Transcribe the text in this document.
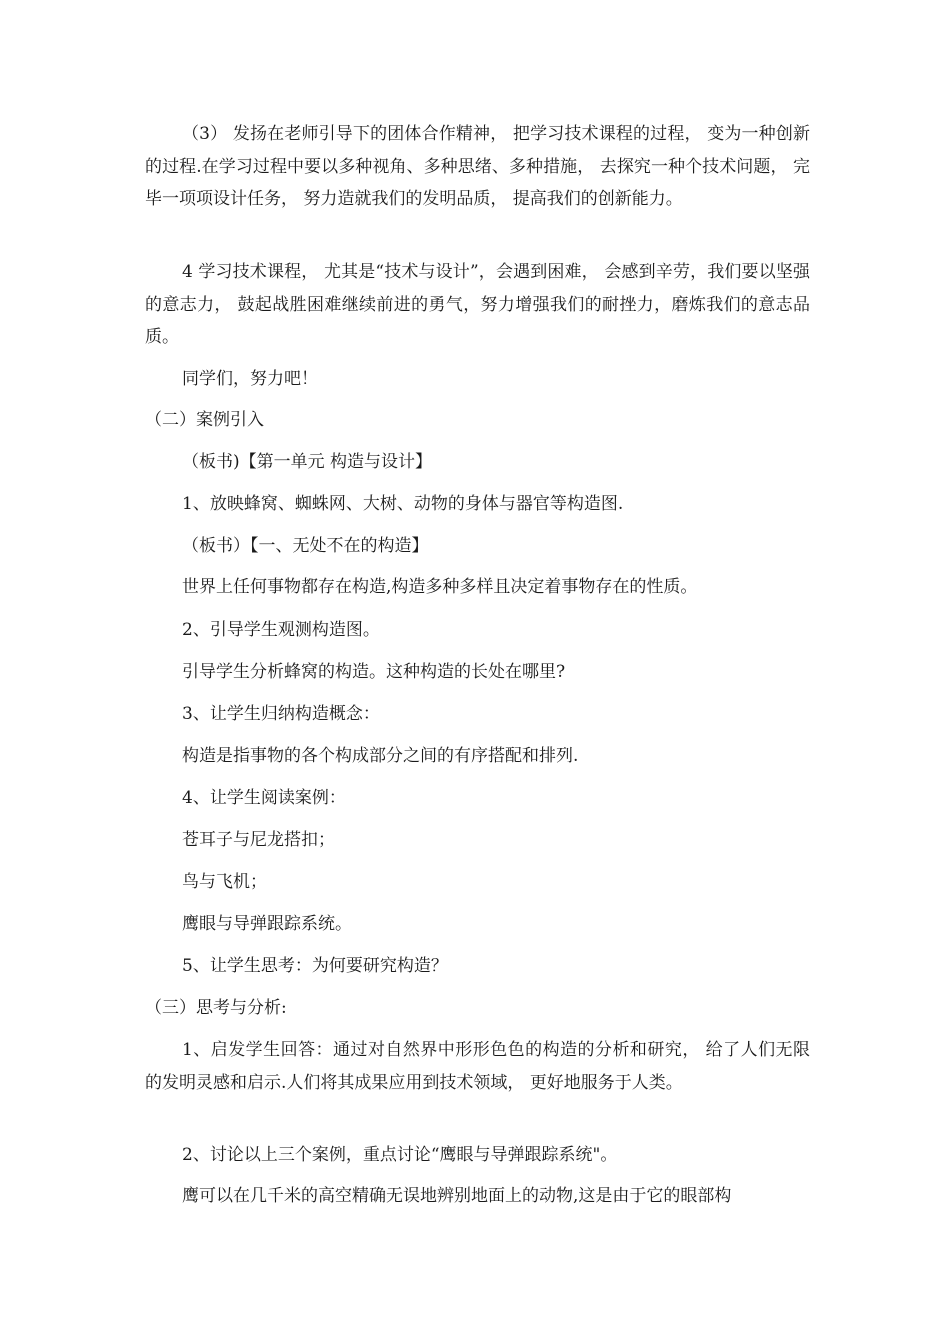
（3） 发扬在老师引导下的团体合作精神， 把学习技术课程的过程， 变为一种创新的过程.在学习过程中要以多种视角、多种思绪、多种措施， 去探究一种个技术问题， 完毕一项项设计任务， 努力造就我们的发明品质， 提高我们的创新能力。

4 学习技术课程， 尤其是“技术与设计”，会遇到困难， 会感到辛劳，我们要以坚强的意志力， 鼓起战胜困难继续前进的勇气，努力增强我们的耐挫力，磨炼我们的意志品质。

同学们，努力吧！

（二）案例引入

（板书)【第一单元 构造与设计】

1、放映蜂窝、蜘蛛网、大树、动物的身体与器官等构造图.

（板书）【一、无处不在的构造】

世界上任何事物都存在构造,构造多种多样且决定着事物存在的性质。

2、引导学生观测构造图。

引导学生分析蜂窝的构造。这种构造的长处在哪里?

3、让学生归纳构造概念：

构造是指事物的各个构成部分之间的有序搭配和排列.

4、让学生阅读案例：

苍耳子与尼龙搭扣；

鸟与飞机；

鹰眼与导弹跟踪系统。

5、让学生思考：为何要研究构造？

（三）思考与分析:

1、启发学生回答：通过对自然界中形形色色的构造的分析和研究， 给了人们无限的发明灵感和启示.人们将其成果应用到技术领域， 更好地服务于人类。

2、讨论以上三个案例，重点讨论“鹰眼与导弹跟踪系统"。

鹰可以在几千米的高空精确无误地辨别地面上的动物,这是由于它的眼部构
